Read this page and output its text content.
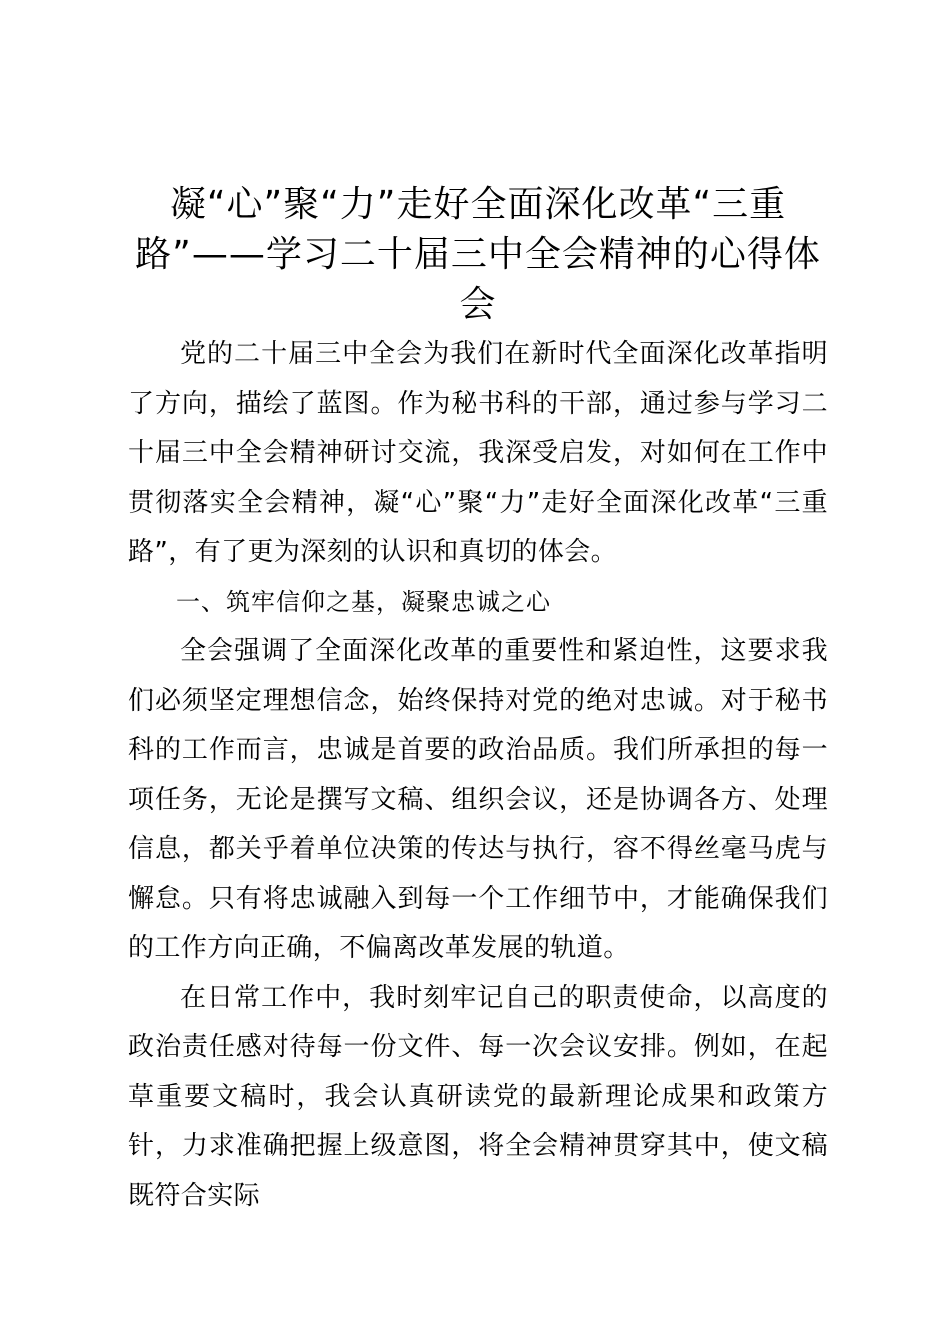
凝“心”聚“力”走好全面深化改革“三重路”——学习二十届三中全会精神的心得体会

党的二十届三中全会为我们在新时代全面深化改革指明了方向，描绘了蓝图。作为秘书科的干部，通过参与学习二十届三中全会精神研讨交流，我深受启发，对如何在工作中贯彻落实全会精神，凝“心”聚“力”走好全面深化改革“三重路”，有了更为深刻的认识和真切的体会。

一、筑牢信仰之基，凝聚忠诚之心

全会强调了全面深化改革的重要性和紧迫性，这要求我们必须坚定理想信念，始终保持对党的绝对忠诚。对于秘书科的工作而言，忠诚是首要的政治品质。我们所承担的每一项任务，无论是撰写文稿、组织会议，还是协调各方、处理信息，都关乎着单位决策的传达与执行，容不得丝毫马虎与懈怠。只有将忠诚融入到每一个工作细节中，才能确保我们的工作方向正确，不偏离改革发展的轨道。

在日常工作中，我时刻牢记自己的职责使命，以高度的政治责任感对待每一份文件、每一次会议安排。例如，在起草重要文稿时，我会认真研读党的最新理论成果和政策方针，力求准确把握上级意图，将全会精神贯穿其中，使文稿既符合实际
